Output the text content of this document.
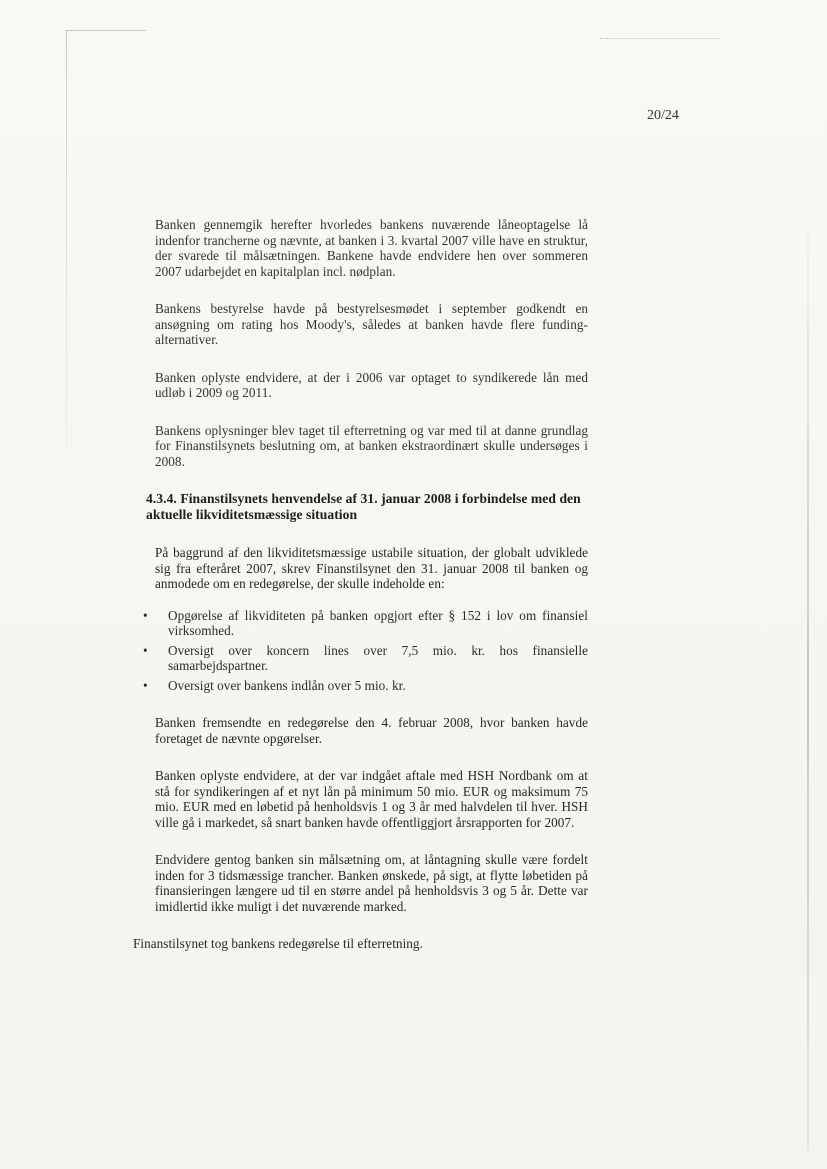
20/24

Banken gennemgik herefter hvorledes bankens nuværende låneoptagelse lå indenfor trancherne og nævnte, at banken i 3. kvartal 2007 ville have en struktur, der svarede til målsætningen. Bankene havde endvidere hen over sommeren 2007 udarbejdet en kapitalplan incl. nødplan.

Bankens bestyrelse havde på bestyrelsesmødet i september godkendt en ansøgning om rating hos Moody's, således at banken havde flere funding-alternativer.

Banken oplyste endvidere, at der i 2006 var optaget to syndikerede lån med udløb i 2009 og 2011.

Bankens oplysninger blev taget til efterretning og var med til at danne grundlag for Finanstilsynets beslutning om, at banken ekstraordinært skulle undersøges i 2008.

4.3.4. Finanstilsynets henvendelse af 31. januar 2008 i forbindelse med den aktuelle likviditetsmæssige situation

På baggrund af den likviditetsmæssige ustabile situation, der globalt udviklede sig fra efteråret 2007, skrev Finanstilsynet den 31. januar 2008 til banken og anmodede om en redegørelse, der skulle indeholde en:

• Opgørelse af likviditeten på banken opgjort efter § 152 i lov om finansiel virksomhed.
• Oversigt over koncern lines over 7,5 mio. kr. hos finansielle samarbejdspartner.
• Oversigt over bankens indlån over 5 mio. kr.

Banken fremsendte en redegørelse den 4. februar 2008, hvor banken havde foretaget de nævnte opgørelser.

Banken oplyste endvidere, at der var indgået aftale med HSH Nordbank om at stå for syndikeringen af et nyt lån på minimum 50 mio. EUR og maksimum 75 mio. EUR med en løbetid på henholdsvis 1 og 3 år med halvdelen til hver. HSH ville gå i markedet, så snart banken havde offentliggjort årsrapporten for 2007.

Endvidere gentog banken sin målsætning om, at låntagning skulle være fordelt inden for 3 tidsmæssige trancher. Banken ønskede, på sigt, at flytte løbetiden på finansieringen længere ud til en større andel på henholdsvis 3 og 5 år. Dette var imidlertid ikke muligt i det nuværende marked.

Finanstilsynet tog bankens redegørelse til efterretning.
